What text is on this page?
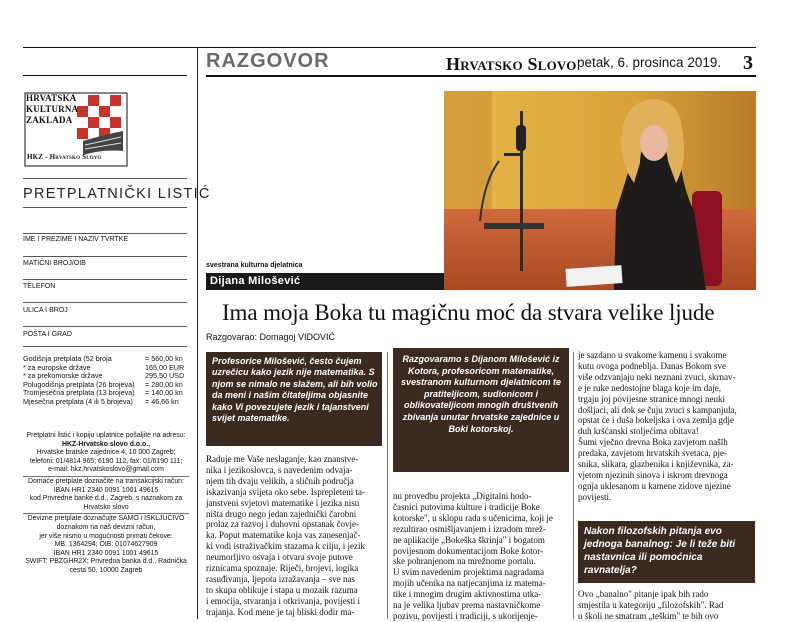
RAZGOVOR	Hrvatsko Slovo petak, 6. prosinca 2019. 3
HRVATSKA
KULTURNA
ZAKLADA
HKZ - Hrvatsko Slovo
PRETPLATNIČKI LISTIĆ
IME I PREZIME I NAZIV TVRTKE
MATIČNI BROJ/OIB
TELEFON
ULICA I BROJ
POŠTA I GRAD
Godišnja pretplata (52 broja	= 560,00 kn
* za europske države	165,00 EUR
* za prekomorske države	295,50 USD
Polugodišnja pretplata (26 brojeva) = 280,00 kn
Tromjesečna pretplata (13 brojeva) = 140,00 kn
Mjesečna pretplata (4 ili 5 brojeva) = 46,66 kn
Pretplatni listić i kopiju uplatnice pošaljite na adresu:
HKZ-Hrvatsko slovo d.o.o.,
Hrvatske bratske zajednice 4, 10 000 Zagreb;
telefoni: 01/4814 965; 6190 112, fax: 01/6190 111;
e-mail: hkz.hrvatskoslovo@gmail.com
Domaće pretplate doznačite na transakcijski račun:
IBAN HR1 2340 0091 1001 49615
kod Privredne banke d.d., Zagreb, s naznakom za
Hrvatsko slovo
Devizne pretplate doznačujte SAMO i ISKLJUČIVO
doznakom na naš devizni račun,
jer više nismo u mogućnosti primati čekove:
MB: 1364294; OIB: 01074627909
IBAN HR1 2340 0091 1001 49615
SWIFT: PBZGHR2X; Privredna banka d.d., Radnička
cesta 50, 10000 Zagreb
svestrana kulturna djelatnica
Dijana Milošević
Ima moja Boka tu magičnu moć da stvara velike ljude
Razgovarao: Domagoj VIDOVIĆ
Profesorice Milošević, često čujem uzrečicu kako jezik nije matematika. S njom se nimalo ne slažem, ali bih volio da meni i našim čitateljima objasnite kako Vi povezujete jezik i tajanstveni svijet matematike.
Razgovaramo s Dijanom Milošević iz Kotora, profesoricom matematike, svestranom kulturnom djelatnicom te pratiteljicom, sudionicom i oblikovateljicom mnogih društvenih zbivanja unutar hrvatske zajednice u Boki kotorskoj.
Nakon filozofskih pitanja evo jednoga banalnog: Je li teže biti nastavnica ili pomoćnica ravnatelja?
Raduje me Vaše neslaganje, kao znanstve-
nika i jezikoslovca, s navedenim odvaja-
njem tih dvaju velikih, a sličnih područja
iskazivanja svijeta oko sebe. Isprepleteni ta-
janstveni svjetovi matematike i jezika nisu
ništa drugo nego jedan zajednički čarobni
prolaz za razvoj i duhovni opstanak čovje-
ka. Poput matematike koja vas zanesenjač-
ki vodi istraživačkim stazama k cilju, i jezik
neumorljivo osvaja i otvara svoje putove
riznicama spoznaje. Riječi, brojevi, logika
rasuđivanja, ljepota izražavanja – sve nas
to skupa oblikuje i stapa u mozaik razuma
i emocija, stvaranja i otkrivanja, povijesti i
trajanja. Kod mene je taj bliski dodir ma-
nu provedbu projekta „Digitalni hodo-
časnici putovima kulture i tradicije Boke
kotorske", u sklopu rada s učenicima, koji je
rezultirao osmišljavanjem i izradom mrež-
ne aplikacije „Bokeška škrinja" i bogatom
povijesnom dokumentacijom Boke kotor-
ske pohranjenom na mrežnome portalu.
U svim navedenim projektima nagradama
mojih učenika na natjecanjima iz matema-
tike i mnogim drugim aktivnostima utka-
na je velika ljubav prema nastavničkome
pozivu, povijesti i tradiciji, s ukorijenje-
je sazdano u svakome kamenu i svakome
kutu ovoga podneblja. Danas Bokom sve
više odzvanjaju neki neznani zvuci, skrnav-
e je ruke nedostojne blaga koje im daje,
trgaju joj povijesne stranice mnogi neuki
došljaci, ali dok se čuju zvuci s kampanjula,
opstat će i duša bokeljska i ova zemlja gdje
duh kršćanski stoljećima obitava!
Šumi vječno drevna Boka zavjetom našīh
predaka, zavjetom hrvatskih svetaca, pje-
snika, slikara, glazbenika i književnika, za-
vjetom njezinih sinova i iskrom drevnoga
ognja uklesanom u kamene zidove njezine
povijesti.
Ovo „banalno" pitanje ipak bih rado
smjestila u kategoriju „filozofskih". Rad
u školi ne smatram „teškim" te bih ovo
